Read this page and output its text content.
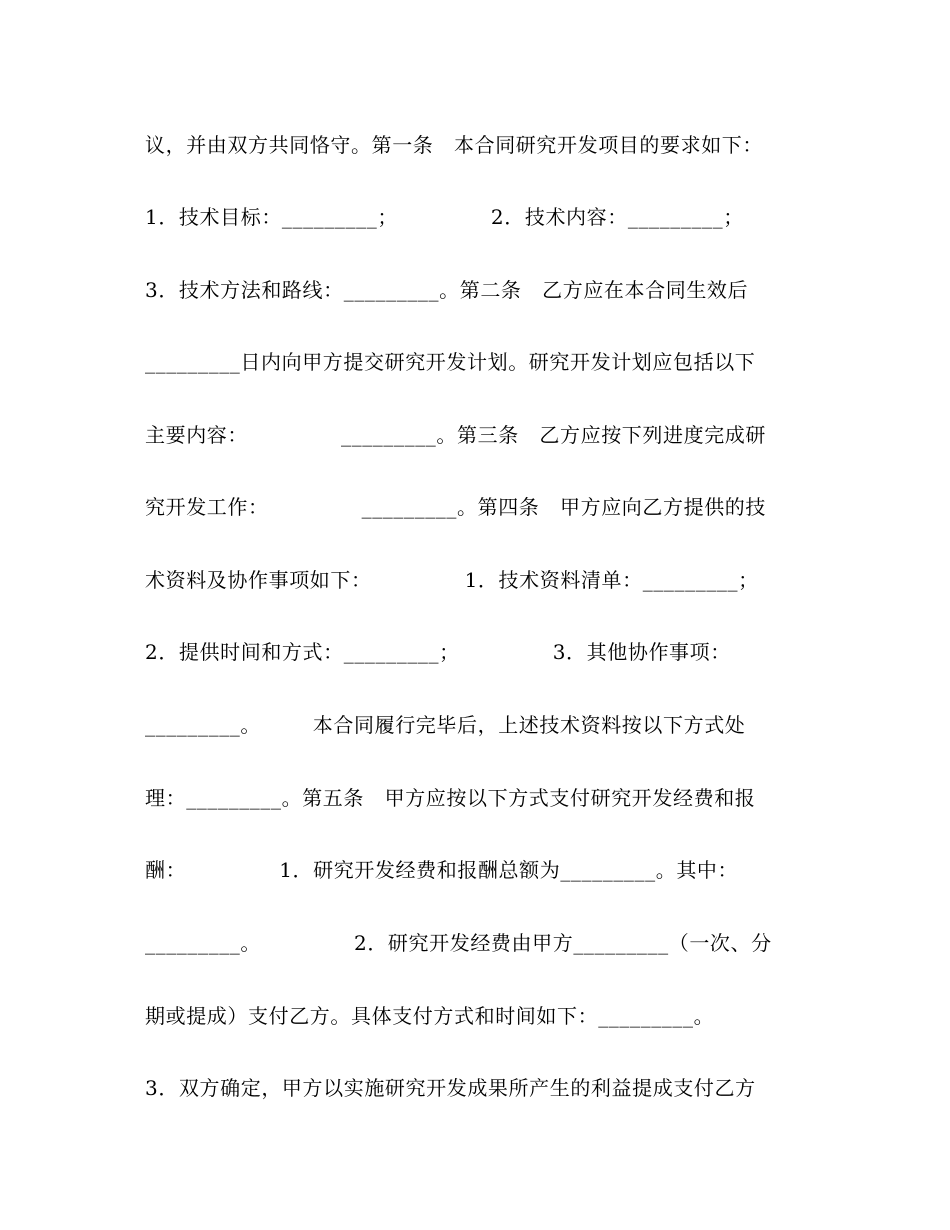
议，并由双方共同恪守。第一条　本合同研究开发项目的要求如下：
1．技术目标：_________；　　　　　2．技术内容：_________；
3．技术方法和路线：_________。第二条　乙方应在本合同生效后
_________日内向甲方提交研究开发计划。研究开发计划应包括以下
主要内容：　　　　　_________。第三条　乙方应按下列进度完成研
究开发工作：　　　　　_________。第四条　甲方应向乙方提供的技
术资料及协作事项如下：　　　　　1．技术资料清单：_________；
2．提供时间和方式：_________；　　　　　3．其他协作事项：
_________。　　　本合同履行完毕后，上述技术资料按以下方式处
理：_________。第五条　甲方应按以下方式支付研究开发经费和报
酬：　　　　　1．研究开发经费和报酬总额为_________。其中：
_________。　　　　　2．研究开发经费由甲方_________（一次、分
期或提成）支付乙方。具体支付方式和时间如下：_________。
3．双方确定，甲方以实施研究开发成果所产生的利益提成支付乙方
